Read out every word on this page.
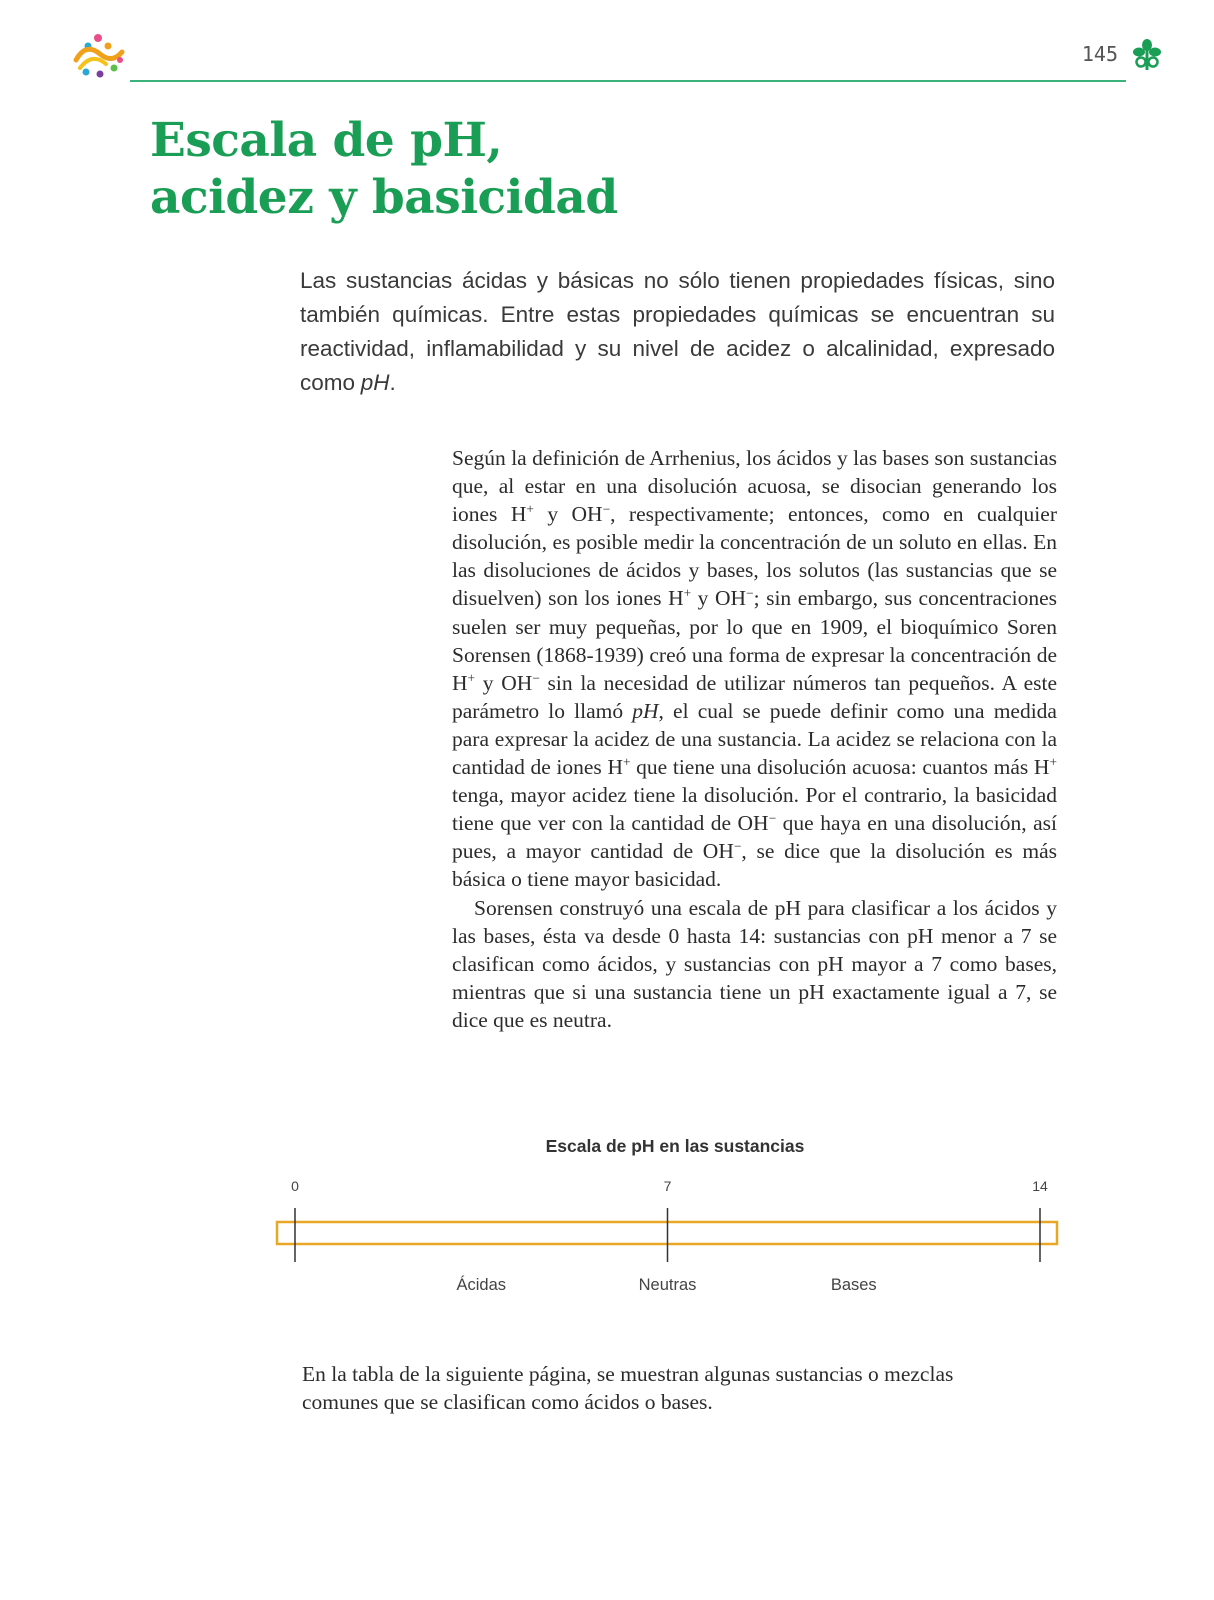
145
Escala de pH,
acidez y basicidad

Las sustancias ácidas y básicas no sólo tienen propiedades físicas, sino también químicas. Entre estas propiedades químicas se encuentran su reactividad, inflamabilidad y su nivel de acidez o alcalinidad, expresado como pH.

Según la definición de Arrhenius, los ácidos y las bases son sustancias que, al estar en una disolución acuosa, se disocian generando los iones H+ y OH−, respectivamente; entonces, como en cualquier disolución, es posible medir la concentración de un soluto en ellas. En las disoluciones de ácidos y bases, los solutos (las sustancias que se disuelven) son los iones H+ y OH−; sin embargo, sus concentraciones suelen ser muy pequeñas, por lo que en 1909, el bioquímico Soren Sorensen (1868-1939) creó una forma de expresar la concentración de H+ y OH− sin la necesidad de utilizar números tan pequeños. A este parámetro lo llamó pH, el cual se puede definir como una medida para expresar la acidez de una sustancia. La acidez se relaciona con la cantidad de iones H+ que tiene una disolución acuosa: cuantos más H+ tenga, mayor acidez tiene la disolución. Por el contrario, la basicidad tiene que ver con la cantidad de OH− que haya en una disolución, así pues, a mayor cantidad de OH−, se dice que la disolución es más básica o tiene mayor basicidad.

Sorensen construyó una escala de pH para clasificar a los ácidos y las bases, ésta va desde 0 hasta 14: sustancias con pH menor a 7 se clasifican como ácidos, y sustancias con pH mayor a 7 como bases, mientras que si una sustancia tiene un pH exactamente igual a 7, se dice que es neutra.

Escala de pH en las sustancias
0	7	14
Ácidas	Neutras	Bases

En la tabla de la siguiente página, se muestran algunas sustancias o mezclas comunes que se clasifican como ácidos o bases.
